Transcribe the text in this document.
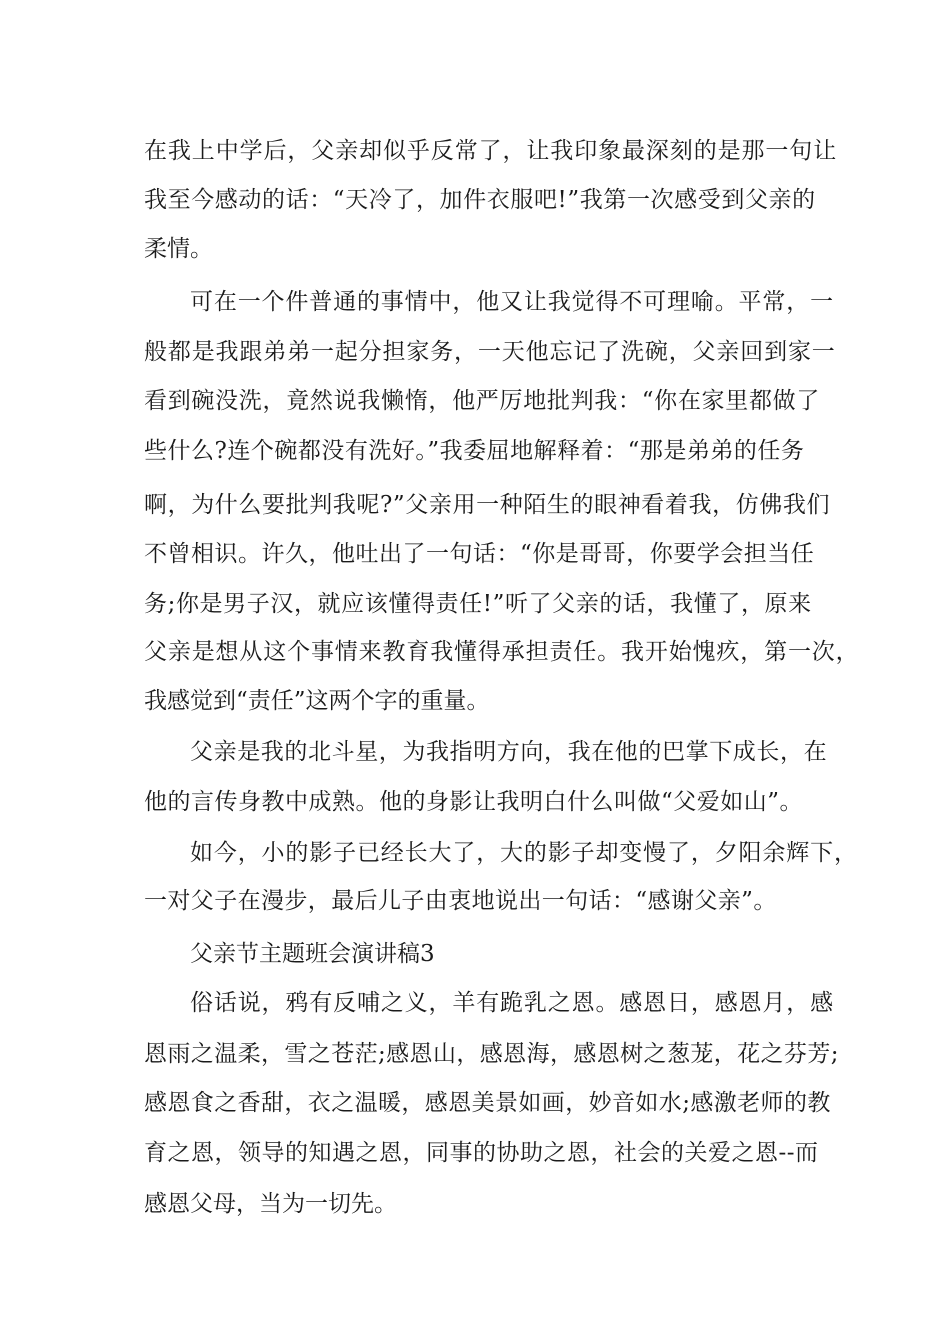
在我上中学后，父亲却似乎反常了，让我印象最深刻的是那一句让
我至今感动的话：“天冷了，加件衣服吧!”我第一次感受到父亲的
柔情。
可在一个件普通的事情中，他又让我觉得不可理喻。平常，一
般都是我跟弟弟一起分担家务，一天他忘记了洗碗，父亲回到家一
看到碗没洗，竟然说我懒惰，他严厉地批判我：“你在家里都做了
些什么?连个碗都没有洗好。”我委屈地解释着：“那是弟弟的任务
啊，为什么要批判我呢?”父亲用一种陌生的眼神看着我，仿佛我们
不曾相识。许久，他吐出了一句话：“你是哥哥，你要学会担当任
务;你是男子汉，就应该懂得责任!”听了父亲的话，我懂了，原来
父亲是想从这个事情来教育我懂得承担责任。我开始愧疚，第一次，
我感觉到“责任”这两个字的重量。
父亲是我的北斗星，为我指明方向，我在他的巴掌下成长，在
他的言传身教中成熟。他的身影让我明白什么叫做“父爱如山”。
如今，小的影子已经长大了，大的影子却变慢了，夕阳余辉下，
一对父子在漫步，最后儿子由衷地说出一句话：“感谢父亲”。
父亲节主题班会演讲稿3
俗话说，鸦有反哺之义，羊有跪乳之恩。感恩日，感恩月，感
恩雨之温柔，雪之苍茫;感恩山，感恩海，感恩树之葱茏，花之芬芳;
感恩食之香甜，衣之温暖，感恩美景如画，妙音如水;感激老师的教
育之恩，领导的知遇之恩，同事的协助之恩，社会的关爱之恩--而
感恩父母，当为一切先。
